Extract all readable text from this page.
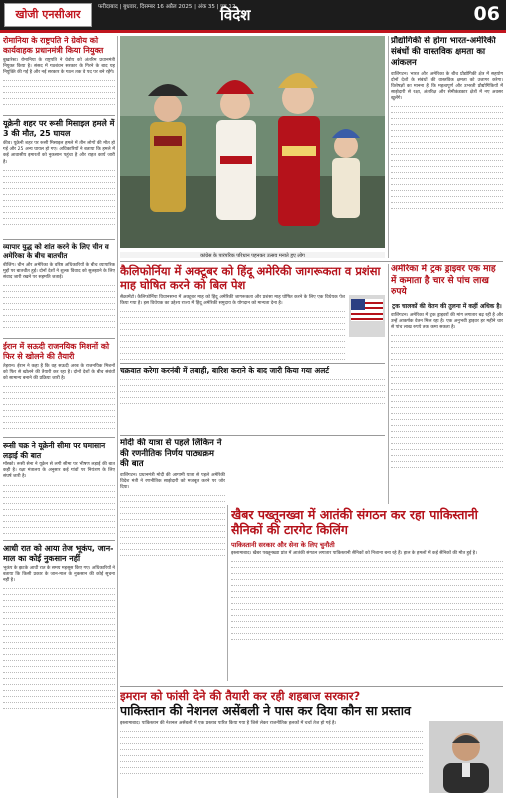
खोजी एनसीआर
फरीदाबाद | बुधवार, दिसम्बर 16 अप्रैल 2025 | अंक 35 | पृष्ठ 12
विदेश	06
रोमानिया के राष्ट्रपति ने ग्रेवोय को कार्यवाहक प्रधानमंत्री किया नियुक्त
बुखारेस्ट। रोमानिया के राष्ट्रपति ने ग्रेवोय को अंतरिम प्रधानमंत्री नियुक्त किया है। संसद में गठबंधन सरकार के गिरने के बाद यह नियुक्ति की गई है और नई सरकार के गठन तक वे पद पर बने रहेंगे।
यूक्रेनी शहर पर रूसी मिसाइल हमले में 3 की मौत, 25 घायल
कीव। यूक्रेनी शहर पर रूसी मिसाइल हमले में तीन लोगों की मौत हो गई और 25 अन्य घायल हो गए। अधिकारियों ने बताया कि हमले में कई आवासीय इमारतों को नुकसान पहुंचा है और राहत कार्य जारी है।
व्यापार युद्ध को शांत करने के लिए चीन व अमेरिका के बीच बातचीत
बीजिंग। चीन और अमेरिका के वरिष्ठ अधिकारियों के बीच व्यापारिक मुद्दों पर बातचीत हुई। दोनों देशों ने शुल्क विवाद को सुलझाने के लिए संवाद जारी रखने पर सहमति जताई।
ईरान में सऊदी राजनयिक मिशनों को फिर से खोलने की तैयारी
तेहरान। ईरान ने कहा है कि वह सऊदी अरब के राजनयिक मिशनों को फिर से खोलने की तैयारी कर रहा है। दोनों देशों के बीच संबंधों को सामान्य बनाने की प्रक्रिया जारी है।
रूसी चक्र ने यूक्रेनी सीमा पर घमासान लड़ाई की बात
मॉस्को। रूसी सेना ने यूक्रेन से लगी सीमा पर भीषण लड़ाई की बात कही है। रक्षा मंत्रालय के अनुसार कई गांवों पर नियंत्रण के लिए संघर्ष जारी है।
आधी रात को आया तेज भूकंप, जान-माल का कोई नुकसान नहीं
भूकंप के झटके आधी रात के समय महसूस किए गए। अधिकारियों ने बताया कि किसी प्रकार के जान-माल के नुकसान की कोई सूचना नहीं है।
कांग्रेस के पारंपरिक परिधान पहनकर उत्सव मनाते हुए लोग
प्रौद्योगिकी से होगा भारत-अमेरिकी संबंधों की वास्तविक क्षमता का आंकलन
वाशिंगटन। भारत और अमेरिका के बीच प्रौद्योगिकी क्षेत्र में सहयोग दोनों देशों के संबंधों की वास्तविक क्षमता को उजागर करेगा। विशेषज्ञों का मानना है कि महत्वपूर्ण और उभरती प्रौद्योगिकियों में साझेदारी से रक्षा, अंतरिक्ष और सेमीकंडक्टर क्षेत्रों में नए अवसर खुलेंगे।
कैलिफोर्निया में अक्टूबर को हिंदू अमेरिकी जागरूकता व प्रशंसा माह घोषित करने को बिल पेश
सैक्रामेंटो। कैलिफोर्निया विधानसभा में अक्टूबर माह को हिंदू अमेरिकी जागरूकता और प्रशंसा माह घोषित करने के लिए एक विधेयक पेश किया गया है। इस विधेयक का उद्देश्य राज्य में हिंदू अमेरिकी समुदाय के योगदान को मान्यता देना है।
चक्रवात करेगा करनंबी में तबाही, बारिश कराने के बाद जारी किया गया अलर्ट
अमेरिका में ट्रक ड्राइवर एक माह में कमाता है चार से पांच लाख रुपये
ट्रक चालकों की वेतन की तुलना में कहीं अधिक है।
वाशिंगटन। अमेरिका में ट्रक ड्राइवरों की मांग लगातार बढ़ रही है और उन्हें आकर्षक वेतन मिल रहा है। एक अनुभवी ड्राइवर हर महीने चार से पांच लाख रुपये तक कमा सकता है।
मोदी की यात्रा से पहले लिंकिन ने की रणनीतिक निर्णय पाठ्यक्रम की बात
वाशिंगटन। प्रधानमंत्री मोदी की आगामी यात्रा से पहले अमेरिकी विदेश मंत्री ने रणनीतिक साझेदारी को मजबूत करने पर जोर दिया।
खैबर पख्तूनख्वा में आतंकी संगठन कर रहा पाकिस्तानी सैनिकों की टारगेट किलिंग
पाकिस्तानी सरकार और सेना के लिए चुनौती
इस्लामाबाद। खैबर पख्तूनख्वा प्रांत में आतंकी संगठन लगातार पाकिस्तानी सैनिकों को निशाना बना रहे हैं। हाल के हमलों में कई सैनिकों की मौत हुई है।
इमरान को फांसी देने की तैयारी कर रही शहबाज सरकार?
पाकिस्तान की नेशनल असेंबली ने पास कर दिया कौन सा प्रस्ताव
इस्लामाबाद। पाकिस्तान की नेशनल असेंबली में एक प्रस्ताव पारित किया गया है जिसे लेकर राजनीतिक हलकों में चर्चा तेज हो गई है।
